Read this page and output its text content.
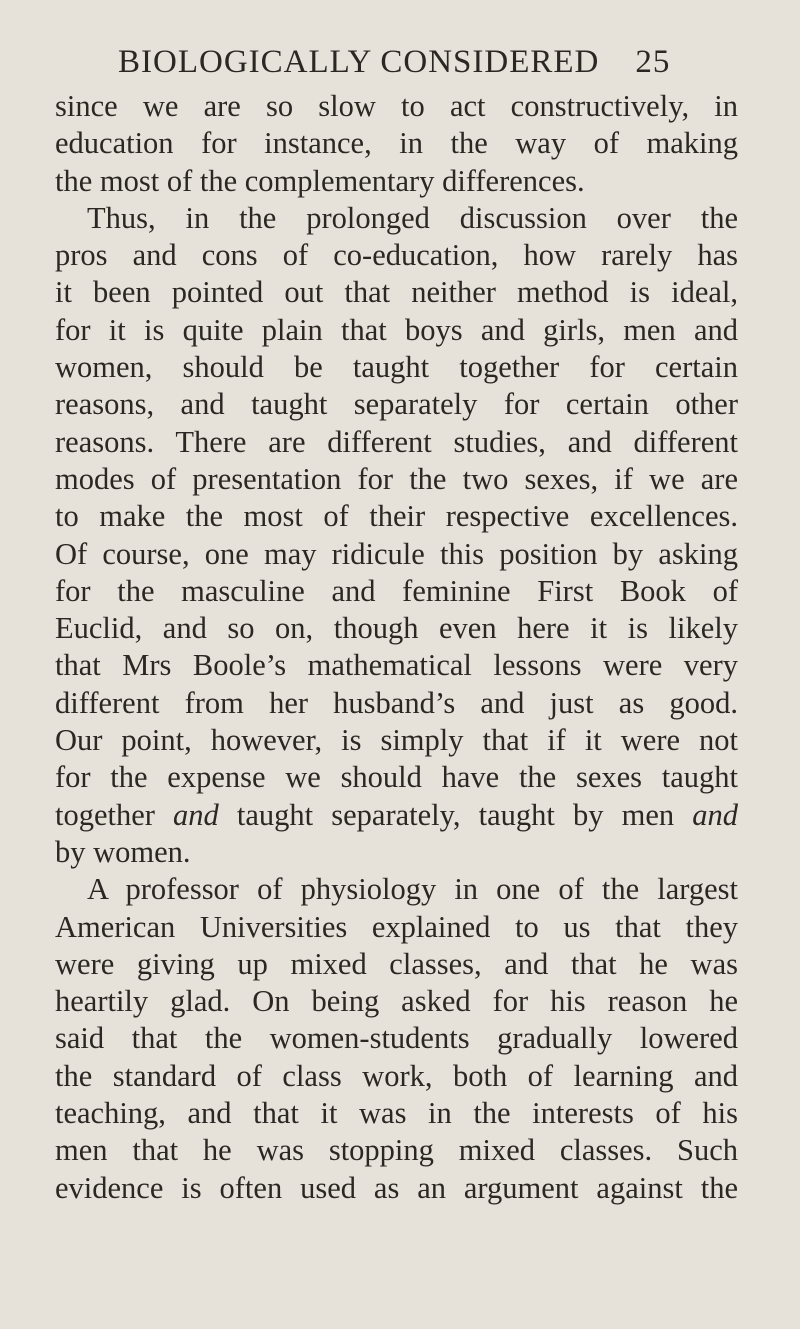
BIOLOGICALLY CONSIDERED 25
since we are so slow to act constructively, in
education for instance, in the way of making
the most of the complementary differences.
Thus, in the prolonged discussion over the
pros and cons of co-education, how rarely has
it been pointed out that neither method is ideal,
for it is quite plain that boys and girls, men and
women, should be taught together for certain
reasons, and taught separately for certain other
reasons. There are different studies, and different
modes of presentation for the two sexes, if we are
to make the most of their respective excellences.
Of course, one may ridicule this position by asking
for the masculine and feminine First Book of
Euclid, and so on, though even here it is likely
that Mrs Boole’s mathematical lessons were very
different from her husband’s and just as good.
Our point, however, is simply that if it were not
for the expense we should have the sexes taught
together and taught separately, taught by men and
by women.
A professor of physiology in one of the largest
American Universities explained to us that they
were giving up mixed classes, and that he was
heartily glad. On being asked for his reason he
said that the women-students gradually lowered
the standard of class work, both of learning and
teaching, and that it was in the interests of his
men that he was stopping mixed classes. Such
evidence is often used as an argument against the
